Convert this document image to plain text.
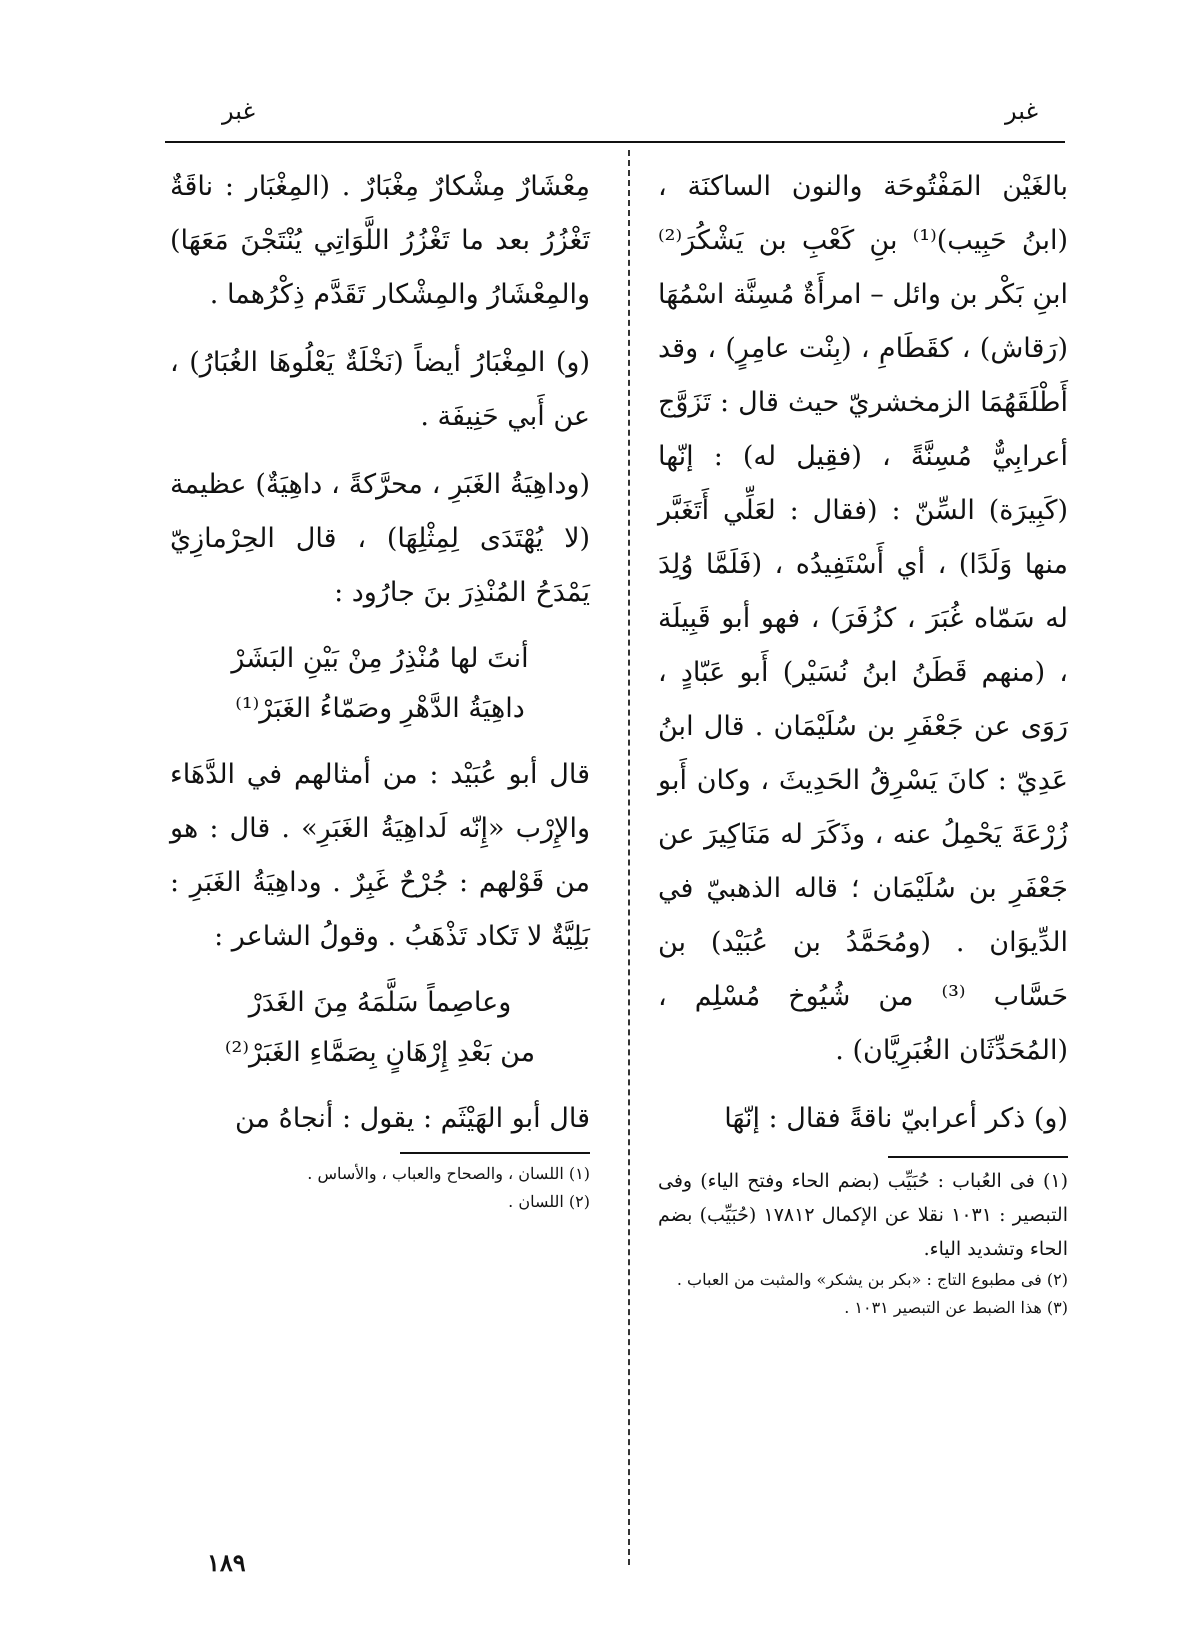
غبر	غبر

بالغَيْن المَفْتُوحَة والنون الساكنَة ، (ابنُ حَبِيب)⁽¹⁾ بنِ كَعْبِ بن يَشْكُرَ⁽²⁾ ابنِ بَكْر بن وائل – امرأَةٌ مُسِنَّة اسْمُهَا (رَقاش) ، كقَطَامِ ، (بِنْت عامِرٍ) ، وقد أَطْلَقَهُمَا الزمخشريّ حيث قال : تَزَوَّج أعرابِيٌّ مُسِنَّةً ، (فقِيل له) : إنّها (كَبِيرَة) السِّنّ : (فقال : لعَلِّي أَتَغَبَّر منها وَلَدًا) ، أي أَسْتَفِيدُه ، (فَلَمَّا وُلِدَ له سَمّاه غُبَرَ ، كزُفَرَ) ، فهو أبو قَبِيلَة ، (منهم قَطَنُ ابنُ نُسَيْر) أَبو عَبّادٍ ، رَوَى عن جَعْفَرِ بن سُلَيْمَان . قال ابنُ عَدِيّ : كانَ يَسْرِقُ الحَدِيثَ ، وكان أَبو زُرْعَةَ يَحْمِلُ عنه ، وذَكَرَ له مَنَاكِيرَ عن جَعْفَرِ بن سُلَيْمَان ؛ قاله الذهبيّ في الدِّيوَان . (ومُحَمَّدُ بن عُبَيْد) بن حَسَّاب ⁽³⁾ من شُيُوخ مُسْلِم ، (المُحَدِّثَان الغُبَرِيَّان) .

(و) ذكر أعرابيّ ناقةً فقال : إنّهَا

(١) فى العُباب : حُبَيِّب (بضم الحاء وفتح الياء) وفى التبصير : ١٠٣١ نقلا عن الإكمال ١٧٨١٢ (حُبَيِّب) بضم الحاء وتشديد الياء.

(٢) فى مطبوع التاج : «بكر بن يشكر» والمثبت من العباب .

(٣) هذا الضبط عن التبصير ١٠٣١ .

مِعْشَارٌ مِشْكارٌ مِغْبَارٌ . (المِغْبَار : ناقَةٌ تَغْزُرُ بعد ما تَغْزُرُ اللَّوَاتِي يُنْتَجْنَ مَعَهَا) والمِعْشَارُ والمِشْكار تَقَدَّم ذِكْرُهما .

(و) المِغْبَارُ أيضاً (نَخْلَةٌ يَعْلُوهَا الغُبَارُ) ، عن أَبي حَنِيفَة .

(وداهِيَةُ الغَبَرِ ، محرَّكةً ، داهِيَةٌ) عظيمة (لا يُهْتَدَى لِمِثْلِهَا) ، قال الحِرْمازِيّ يَمْدَحُ المُنْذِرَ بنَ جارُود :

أنتَ لها مُنْذِرُ مِنْ بَيْنِ البَشَرْ
داهِيَةُ الدَّهْرِ وصَمّاءُ الغَبَرْ⁽¹⁾

قال أبو عُبَيْد : من أمثالهم في الدَّهَاء والإِرْب «إِنّه لَداهِيَةُ الغَبَرِ» . قال : هو من قَوْلهم : جُرْحٌ غَبِرٌ . وداهِيَةُ الغَبَرِ : بَلِيَّةٌ لا تَكاد تَذْهَبُ . وقولُ الشاعر :

وعاصِماً سَلَّمَهُ مِنَ الغَدَرْ
من بَعْدِ إِرْهَانٍ بِصَمَّاءِ الغَبَرْ⁽²⁾

قال أبو الهَيْثَم : يقول : أنجاهُ من

(١) اللسان ، والصحاح والعباب ، والأساس .

(٢) اللسان .

١٨٩
